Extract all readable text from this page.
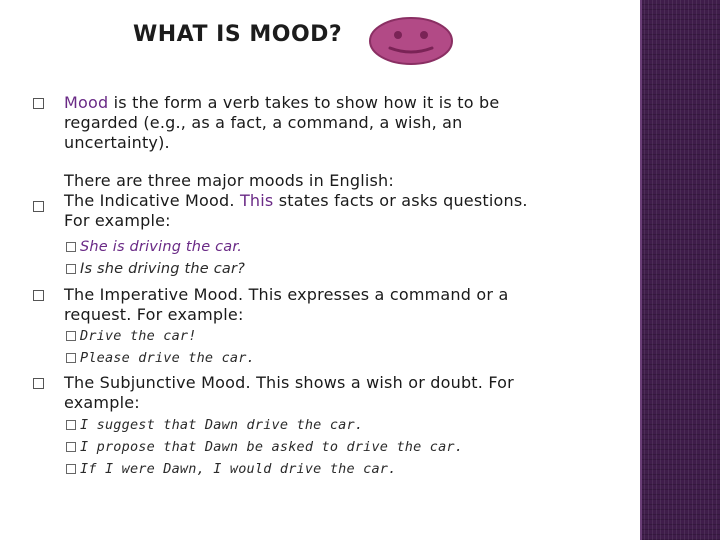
WHAT IS MOOD?
Mood is the form a verb takes to show how it is to be
regarded (e.g., as a fact, a command, a wish, an
uncertainty).
There are three major moods in English:
The Indicative Mood. This states facts or asks questions.
For example:
She is driving the car.
Is she driving the car?
The Imperative Mood. This expresses a command or a
request. For example:
Drive the car!
Please drive the car.
The Subjunctive Mood. This shows a wish or doubt. For
example:
I suggest that Dawn drive the car.
I propose that Dawn be asked to drive the car.
If I were Dawn, I would drive the car.
